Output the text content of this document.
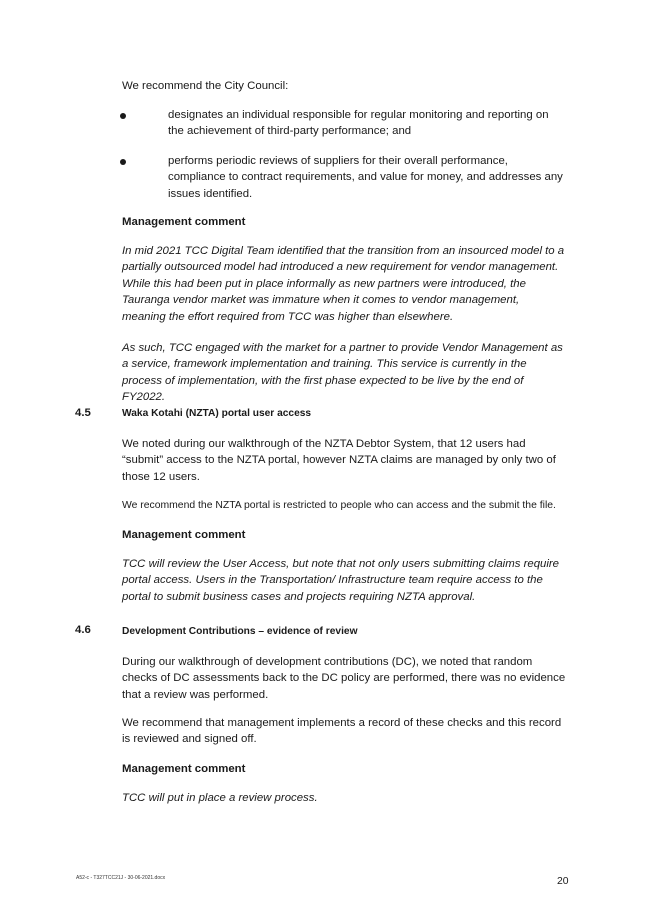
We recommend the City Council:

designates an individual responsible for regular monitoring and reporting on the achievement of third-party performance; and

performs periodic reviews of suppliers for their overall performance, compliance to contract requirements, and value for money, and addresses any issues identified.

Management comment

In mid 2021 TCC Digital Team identified that the transition from an insourced model to a partially outsourced model had introduced a new requirement for vendor management. While this had been put in place informally as new partners were introduced, the Tauranga vendor market was immature when it comes to vendor management, meaning the effort required from TCC was higher than elsewhere.

As such, TCC engaged with the market for a partner to provide Vendor Management as a service, framework implementation and training. This service is currently in the process of implementation, with the first phase expected to be live by the end of FY2022.

4.5	Waka Kotahi (NZTA) portal user access

We noted during our walkthrough of the NZTA Debtor System, that 12 users had “submit” access to the NZTA portal, however NZTA claims are managed by only two of those 12 users.

We recommend the NZTA portal is restricted to people who can access and the submit the file.

Management comment

TCC will review the User Access, but note that not only users submitting claims require portal access. Users in the Transportation/ Infrastructure team require access to the portal to submit business cases and projects requiring NZTA approval.

4.6	Development Contributions – evidence of review

During our walkthrough of development contributions (DC), we noted that random checks of DC assessments back to the DC policy are performed, there was no evidence that a review was performed.

We recommend that management implements a record of these checks and this record is reviewed and signed off.

Management comment

TCC will put in place a review process.

A52-c - T327TCC21J - 30-06-2021.docx	20
